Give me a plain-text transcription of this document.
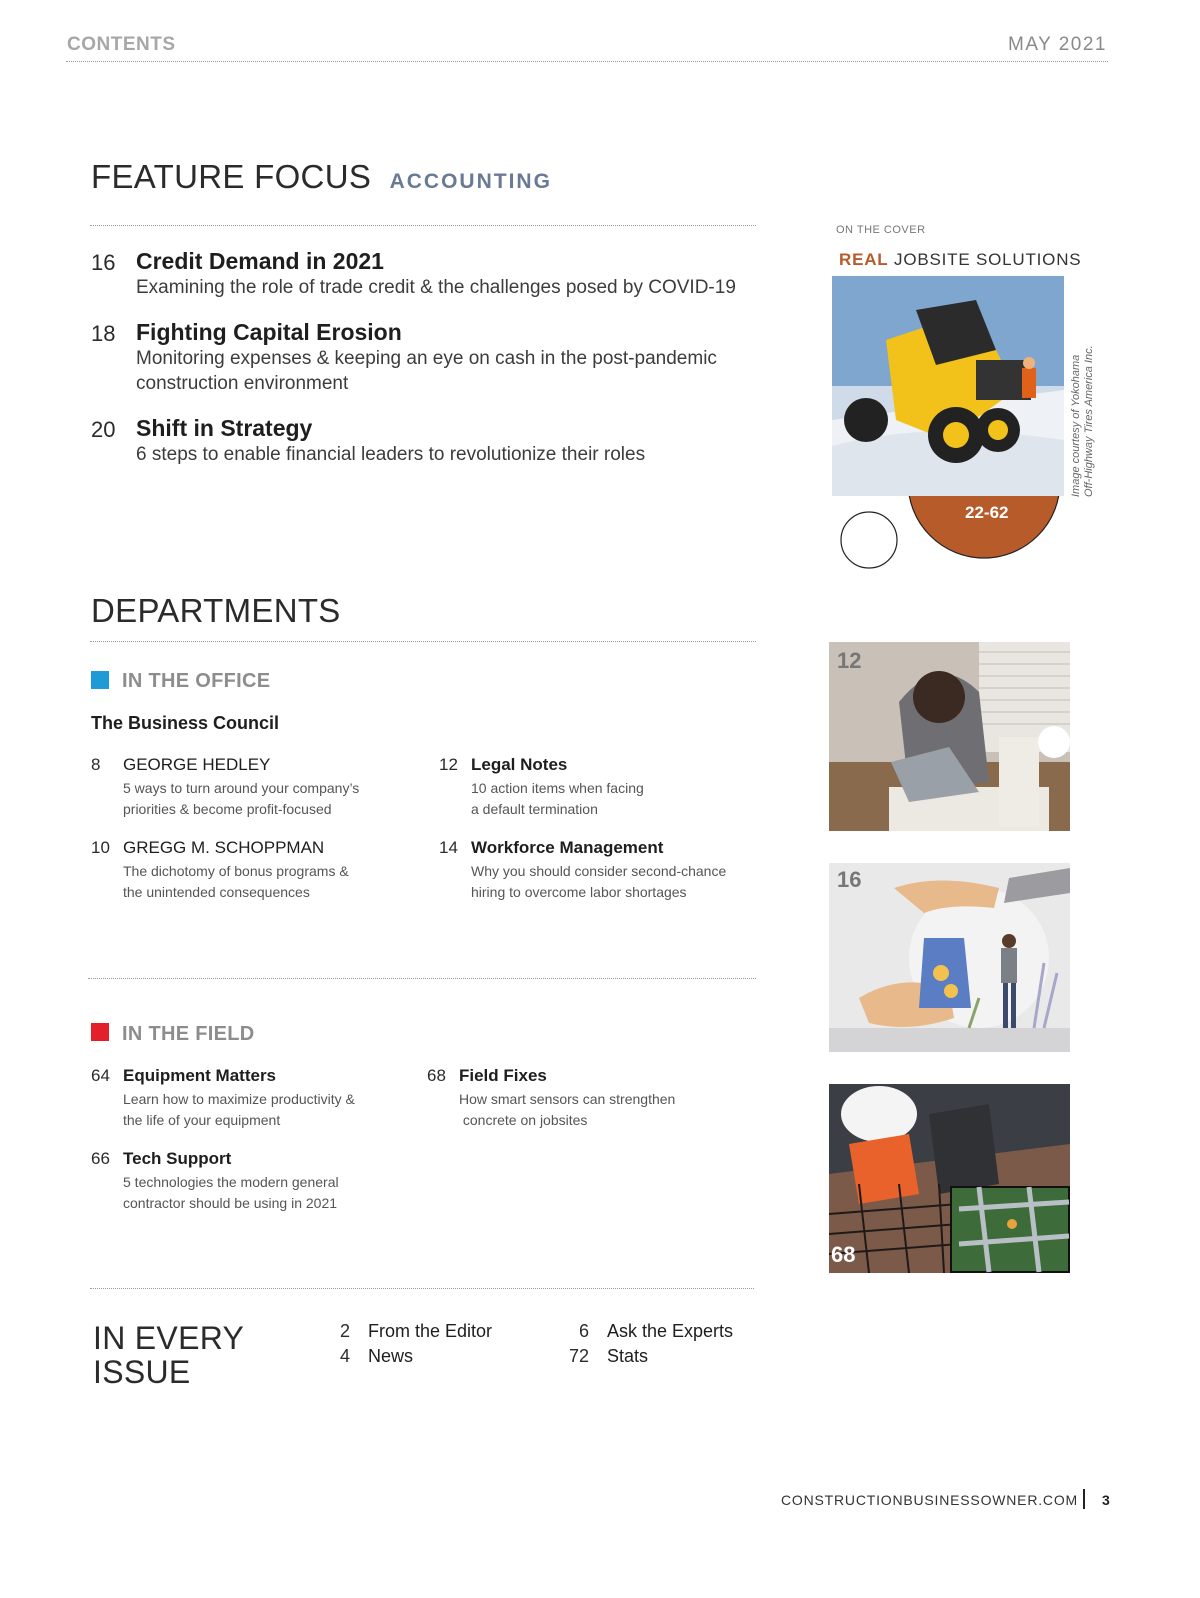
CONTENTS	MAY 2021
FEATURE FOCUS ACCOUNTING
16 Credit Demand in 2021
Examining the role of trade credit & the challenges posed by COVID-19
18 Fighting Capital Erosion
Monitoring expenses & keeping an eye on cash in the post-pandemic
construction environment
20 Shift in Strategy
6 steps to enable financial leaders to revolutionize their roles
ON THE COVER
REAL JOBSITE SOLUTIONS
22-62
Image courtesy of Yokohama Off-Highway Tires America Inc.
DEPARTMENTS
IN THE OFFICE
The Business Council
8 GEORGE HEDLEY
5 ways to turn around your company’s
priorities & become profit-focused
12 Legal Notes
10 action items when facing
a default termination
10 GREGG M. SCHOPPMAN
The dichotomy of bonus programs &
the unintended consequences
14 Workforce Management
Why you should consider second-chance
hiring to overcome labor shortages
IN THE FIELD
64 Equipment Matters
Learn how to maximize productivity &
the life of your equipment
68 Field Fixes
How smart sensors can strengthen
concrete on jobsites
66 Tech Support
5 technologies the modern general
contractor should be using in 2021
IN EVERY
ISSUE
2 From the Editor
4 News
6 Ask the Experts
72 Stats
12
16
68
CONSTRUCTIONBUSINESSOWNER.COM 3
